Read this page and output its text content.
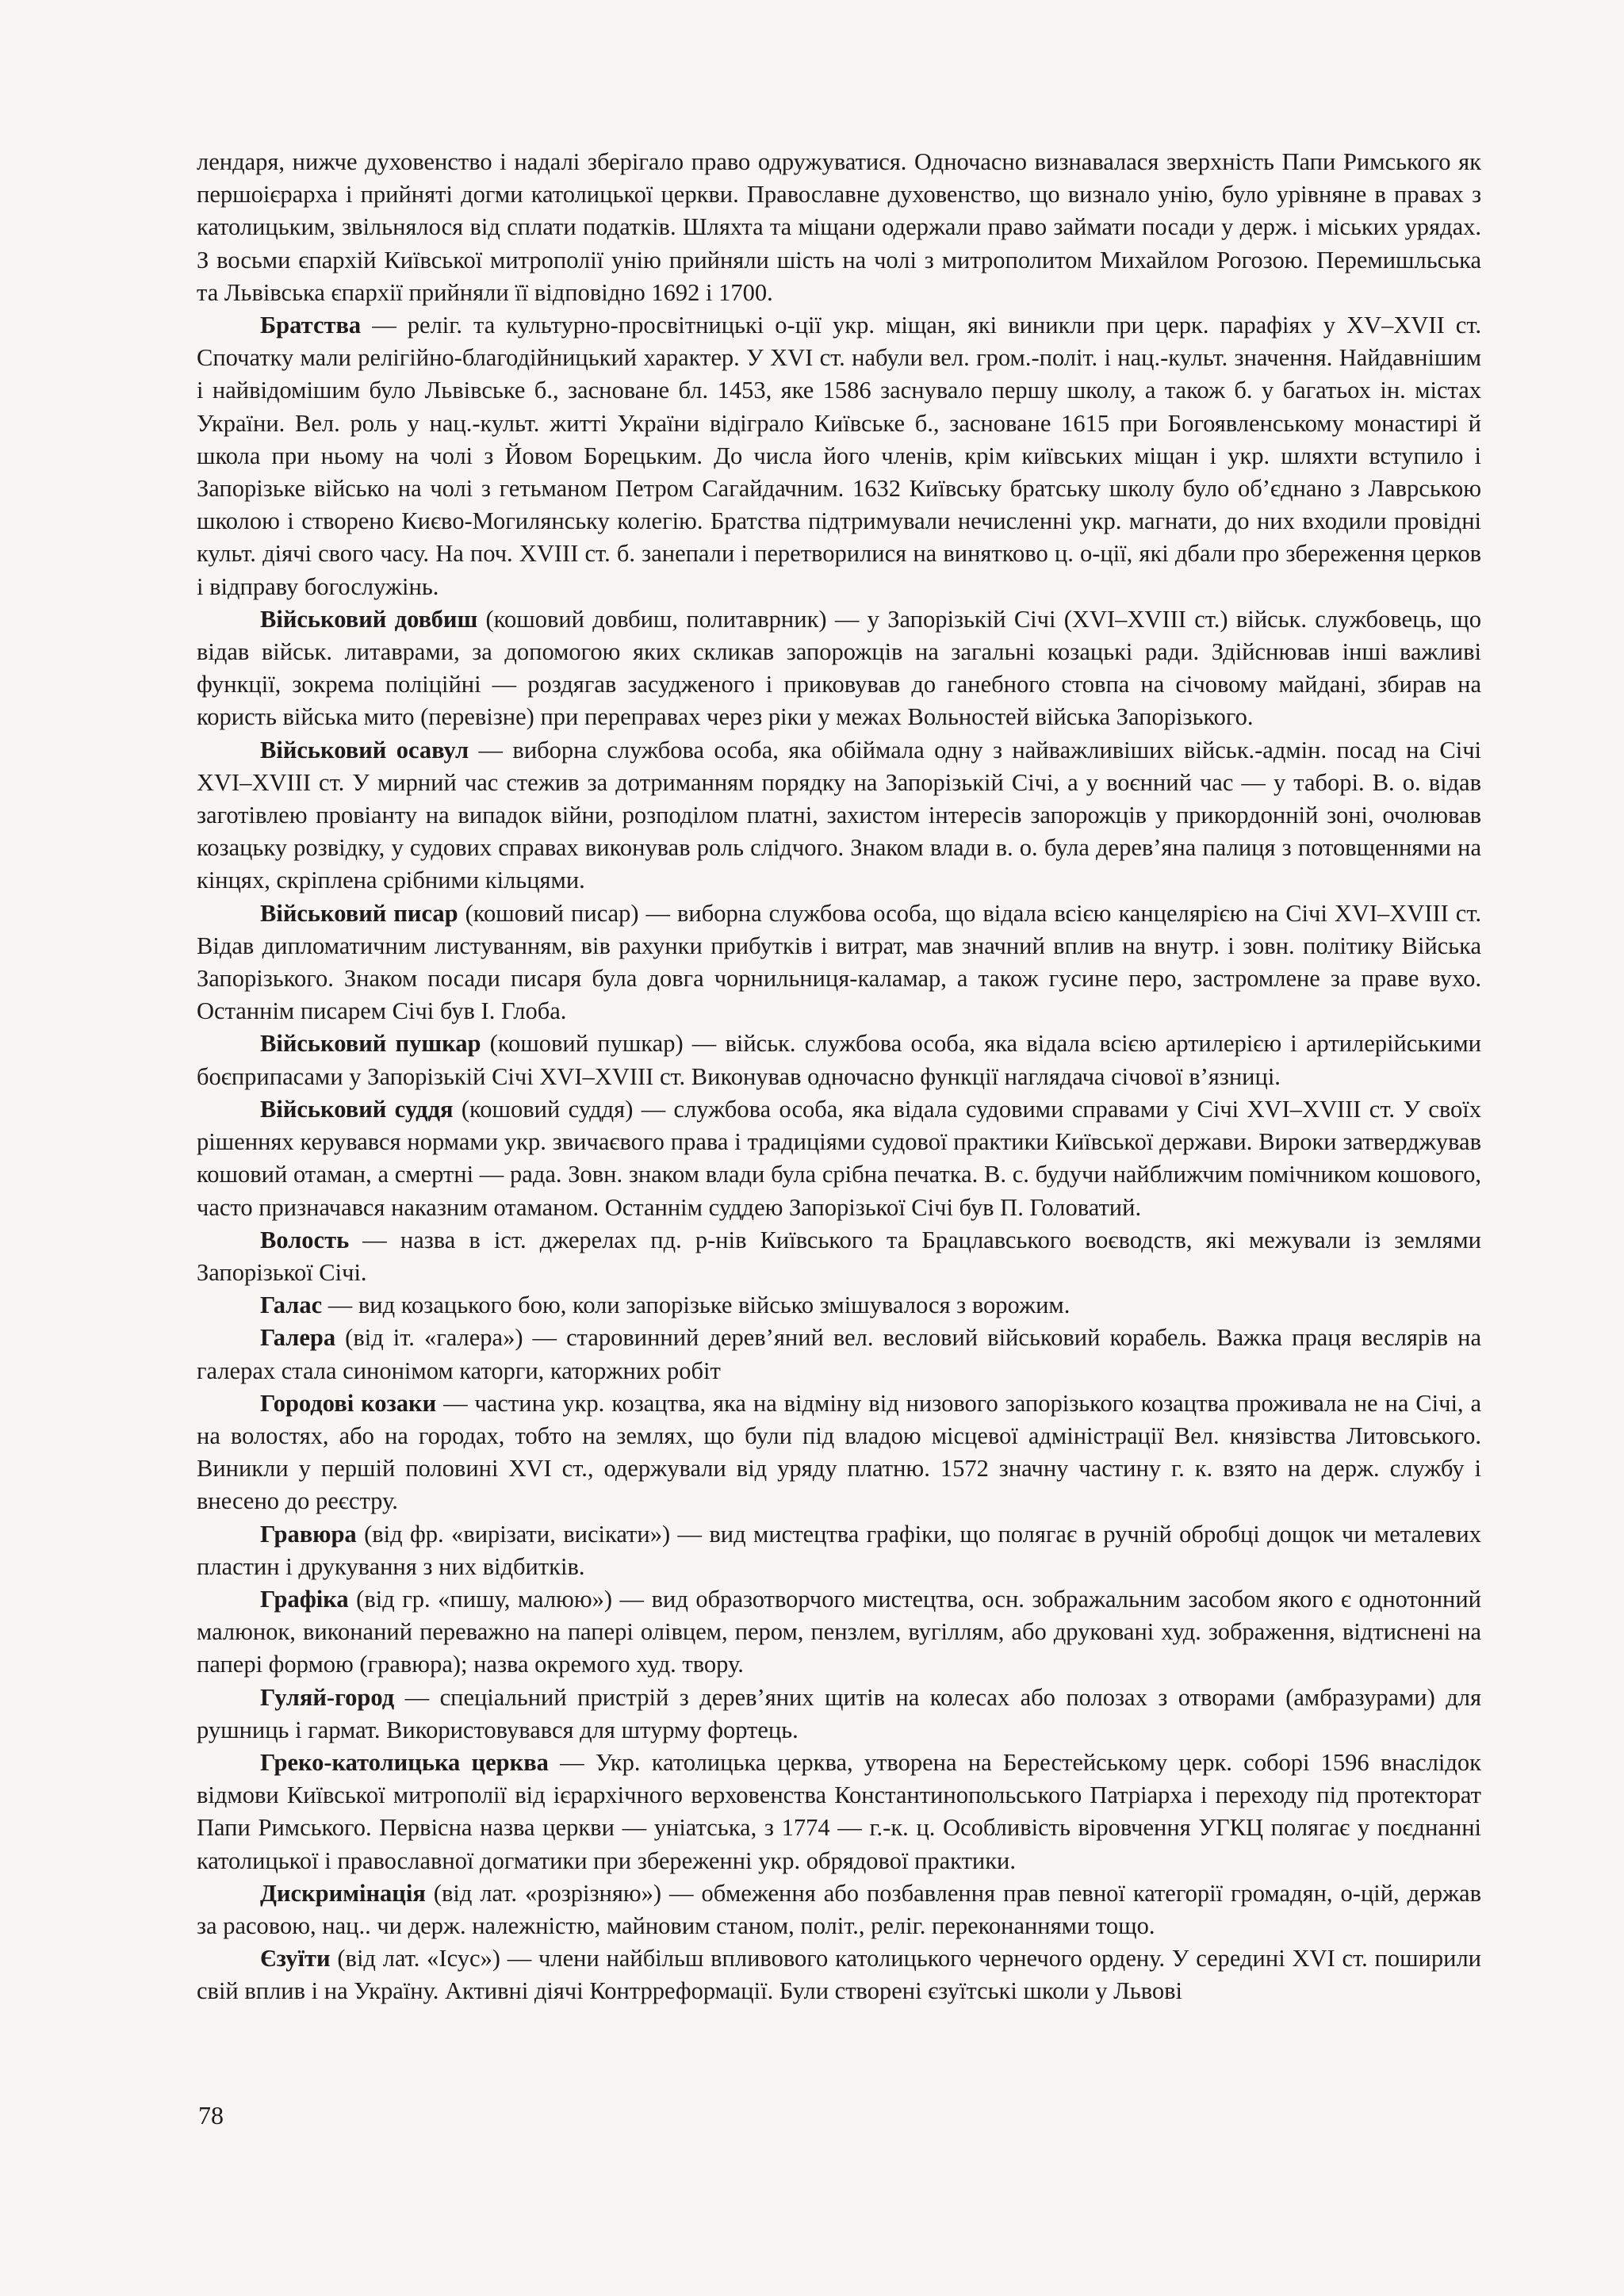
лендаря, нижче духовенство і надалі зберігало право одружуватися. Одночасно визнавалася зверхність Папи Римського як першоієрарха і прийняті догми католицької церкви. Православне духовенство, що визнало унію, було урівняне в правах з католицьким, звільнялося від сплати податків. Шляхта та міщани одержали право займати посади у держ. і міських урядах. З восьми єпархій Київської митрополії унію прийняли шість на чолі з митрополитом Михайлом Рогозою. Перемишльська та Львівська єпархії прийняли її відповідно 1692 і 1700.

Братства — реліг. та культурно-просвітницькі о-ції укр. міщан, які виникли при церк. парафіях у XV–XVII ст. Спочатку мали релігійно-благодійницький характер. У XVI ст. набули вел. гром.-політ. і нац.-культ. значення. Найдавнішим і найвідомішим було Львівське б., засноване бл. 1453, яке 1586 заснувало першу школу, а також б. у багатьох ін. містах України. Вел. роль у нац.-культ. житті України відіграло Київське б., засноване 1615 при Богоявленському монастирі й школа при ньому на чолі з Йовом Борецьким. До числа його членів, крім київських міщан і укр. шляхти вступило і Запорізьке військо на чолі з гетьманом Петром Сагайдачним. 1632 Київську братську школу було об’єднано з Лаврською школою і створено Києво-Могилянську колегію. Братства підтримували нечисленні укр. магнати, до них входили провідні культ. діячі свого часу. На поч. XVIII ст. б. занепали і перетворилися на винятково ц. о-ції, які дбали про збереження церков і відправу богослужінь.

Військовий довбиш (кошовий довбиш, политаврник) — у Запорізькій Січі (XVI–XVIII ст.) військ. службовець, що відав військ. литаврами, за допомогою яких скликав запорожців на загальні козацькі ради. Здійснював інші важливі функції, зокрема поліційні — роздягав засудженого і приковував до ганебного стовпа на січовому майдані, збирав на користь війська мито (перевізне) при переправах через ріки у межах Вольностей війська Запорізького.

Військовий осавул — виборна службова особа, яка обіймала одну з найважливіших військ.-адмін. посад на Січі XVI–XVIII ст. У мирний час стежив за дотриманням порядку на Запорізькій Січі, а у воєнний час — у таборі. В. о. відав заготівлею провіанту на випадок війни, розподілом платні, захистом інтересів запорожців у прикордонній зоні, очолював козацьку розвідку, у судових справах виконував роль слідчого. Знаком влади в. о. була дерев’яна палиця з потовщеннями на кінцях, скріплена срібними кільцями.

Військовий писар (кошовий писар) — виборна службова особа, що відала всією канцелярією на Січі XVI–XVIII ст. Відав дипломатичним листуванням, вів рахунки прибутків і витрат, мав значний вплив на внутр. і зовн. політику Війська Запорізького. Знаком посади писаря була довга чорнильниця-каламар, а також гусине перо, застромлене за праве вухо. Останнім писарем Січі був І. Глоба.

Військовий пушкар (кошовий пушкар) — військ. службова особа, яка відала всією артилерією і артилерійськими боєприпасами у Запорізькій Січі XVI–XVIII ст. Виконував одночасно функції наглядача січової в’язниці.

Військовий суддя (кошовий суддя) — службова особа, яка відала судовими справами у Січі XVI–XVIII ст. У своїх рішеннях керувався нормами укр. звичаєвого права і традиціями судової практики Київської держави. Вироки затверджував кошовий отаман, а смертні — рада. Зовн. знаком влади була срібна печатка. В. с. будучи найближчим помічником кошового, часто призначався наказним отаманом. Останнім суддею Запорізької Січі був П. Головатий.

Волость — назва в іст. джерелах пд. р-нів Київського та Брацлавського воєводств, які межували із землями Запорізької Січі.

Галас — вид козацького бою, коли запорізьке військо змішувалося з ворожим.

Галера (від іт. «галера») — старовинний дерев’яний вел. весловий військовий корабель. Важка праця веслярів на галерах стала синонімом каторги, каторжних робіт

Городові козаки — частина укр. козацтва, яка на відміну від низового запорізького козацтва проживала не на Січі, а на волостях, або на городах, тобто на землях, що були під владою місцевої адміністрації Вел. князівства Литовського. Виникли у першій половині XVI ст., одержували від уряду платню. 1572 значну частину г. к. взято на держ. службу і внесено до реєстру.

Гравюра (від фр. «вирізати, висікати») — вид мистецтва графіки, що полягає в ручній обробці дощок чи металевих пластин і друкування з них відбитків.

Графіка (від гр. «пишу, малюю») — вид образотворчого мистецтва, осн. зображальним засобом якого є однотонний малюнок, виконаний переважно на папері олівцем, пером, пензлем, вугіллям, або друковані худ. зображення, відтиснені на папері формою (гравюра); назва окремого худ. твору.

Гуляй-город — спеціальний пристрій з дерев’яних щитів на колесах або полозах з отворами (амбразурами) для рушниць і гармат. Використовувався для штурму фортець.

Греко-католицька церква — Укр. католицька церква, утворена на Берестейському церк. соборі 1596 внаслідок відмови Київської митрополії від ієрархічного верховенства Константинопольського Патріарха і переходу під протекторат Папи Римського. Первісна назва церкви — уніатська, з 1774 — г.-к. ц. Особливість віровчення УГКЦ полягає у поєднанні католицької і православної догматики при збереженні укр. обрядової практики.

Дискримінація (від лат. «розрізняю») — обмеження або позбавлення прав певної категорії громадян, о-цій, держав за расовою, нац.. чи держ. належністю, майновим станом, політ., реліг. переконаннями тощо.

Єзуїти (від лат. «Ісус») — члени найбільш впливового католицького чернечого ордену. У середині XVI ст. поширили свій вплив і на Україну. Активні діячі Контрреформації. Були створені єзуїтські школи у Львові

78
